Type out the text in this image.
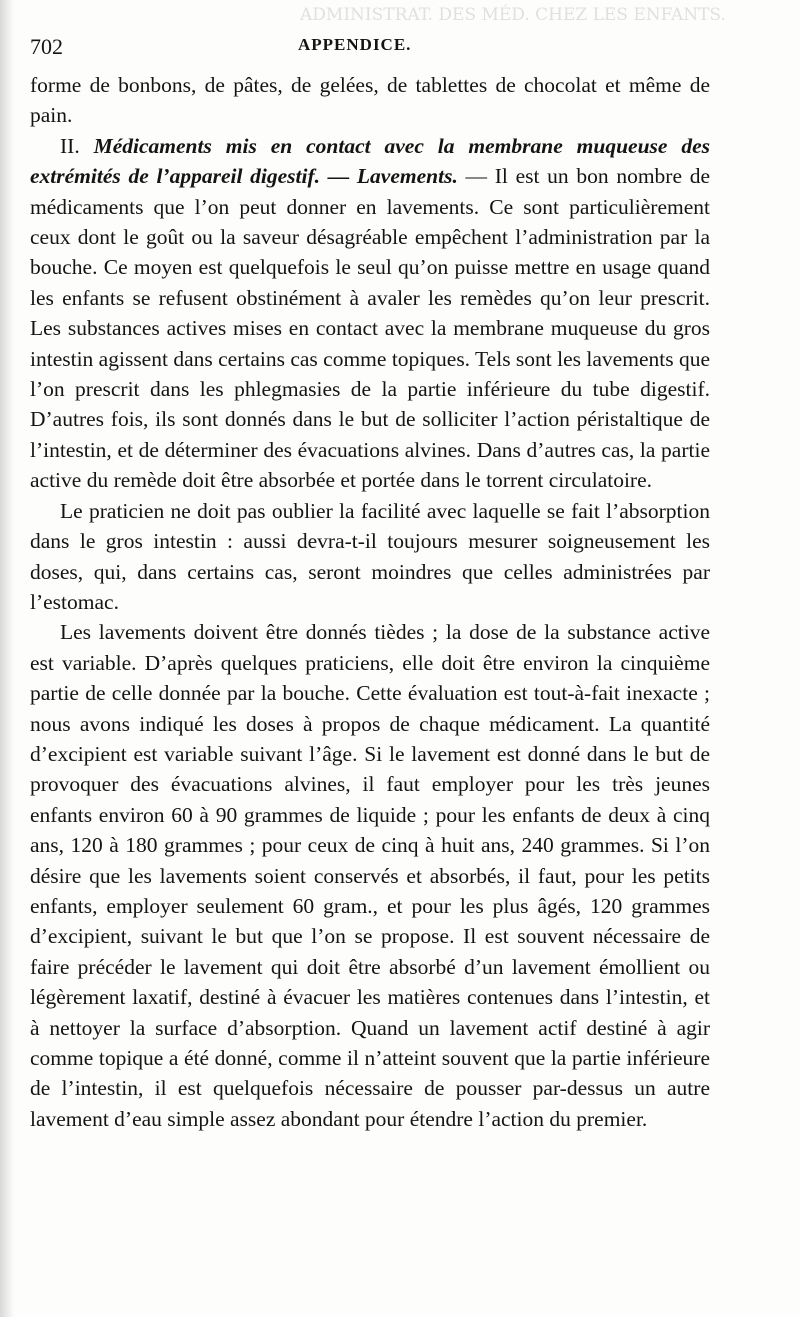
ADMINISTRAT. DES MÉD. CHEZ LES ENFANTS.
702	APPENDICE.

forme de bonbons, de pâtes, de gelées, de tablettes de chocolat et même de pain.

II. Médicaments mis en contact avec la membrane muqueuse des extrémités de l’appareil digestif. — Lavements. — Il est un bon nombre de médicaments que l’on peut donner en lavements. Ce sont particulièrement ceux dont le goût ou la saveur désagréable empêchent l’administration par la bouche. Ce moyen est quelquefois le seul qu’on puisse mettre en usage quand les enfants se refusent obstinément à avaler les remèdes qu’on leur prescrit. Les substances actives mises en contact avec la membrane muqueuse du gros intestin agissent dans certains cas comme topiques. Tels sont les lavements que l’on prescrit dans les phlegmasies de la partie inférieure du tube digestif. D’autres fois, ils sont donnés dans le but de solliciter l’action péristaltique de l’intestin, et de déterminer des évacuations alvines. Dans d’autres cas, la partie active du remède doit être absorbée et portée dans le torrent circulatoire.

Le praticien ne doit pas oublier la facilité avec laquelle se fait l’absorption dans le gros intestin : aussi devra-t-il toujours mesurer soigneusement les doses, qui, dans certains cas, seront moindres que celles administrées par l’estomac.

Les lavements doivent être donnés tièdes ; la dose de la substance active est variable. D’après quelques praticiens, elle doit être environ la cinquième partie de celle donnée par la bouche. Cette évaluation est tout-à-fait inexacte ; nous avons indiqué les doses à propos de chaque médicament. La quantité d’excipient est variable suivant l’âge. Si le lavement est donné dans le but de provoquer des évacuations alvines, il faut employer pour les très jeunes enfants environ 60 à 90 grammes de liquide ; pour les enfants de deux à cinq ans, 120 à 180 grammes ; pour ceux de cinq à huit ans, 240 grammes. Si l’on désire que les lavements soient conservés et absorbés, il faut, pour les petits enfants, employer seulement 60 gram., et pour les plus âgés, 120 grammes d’excipient, suivant le but que l’on se propose. Il est souvent nécessaire de faire précéder le lavement qui doit être absorbé d’un lavement émollient ou légèrement laxatif, destiné à évacuer les matières contenues dans l’intestin, et à nettoyer la surface d’absorption. Quand un lavement actif destiné à agir comme topique a été donné, comme il n’atteint souvent que la partie inférieure de l’intestin, il est quelquefois nécessaire de pousser par-dessus un autre lavement d’eau simple assez abondant pour étendre l’action du premier.
